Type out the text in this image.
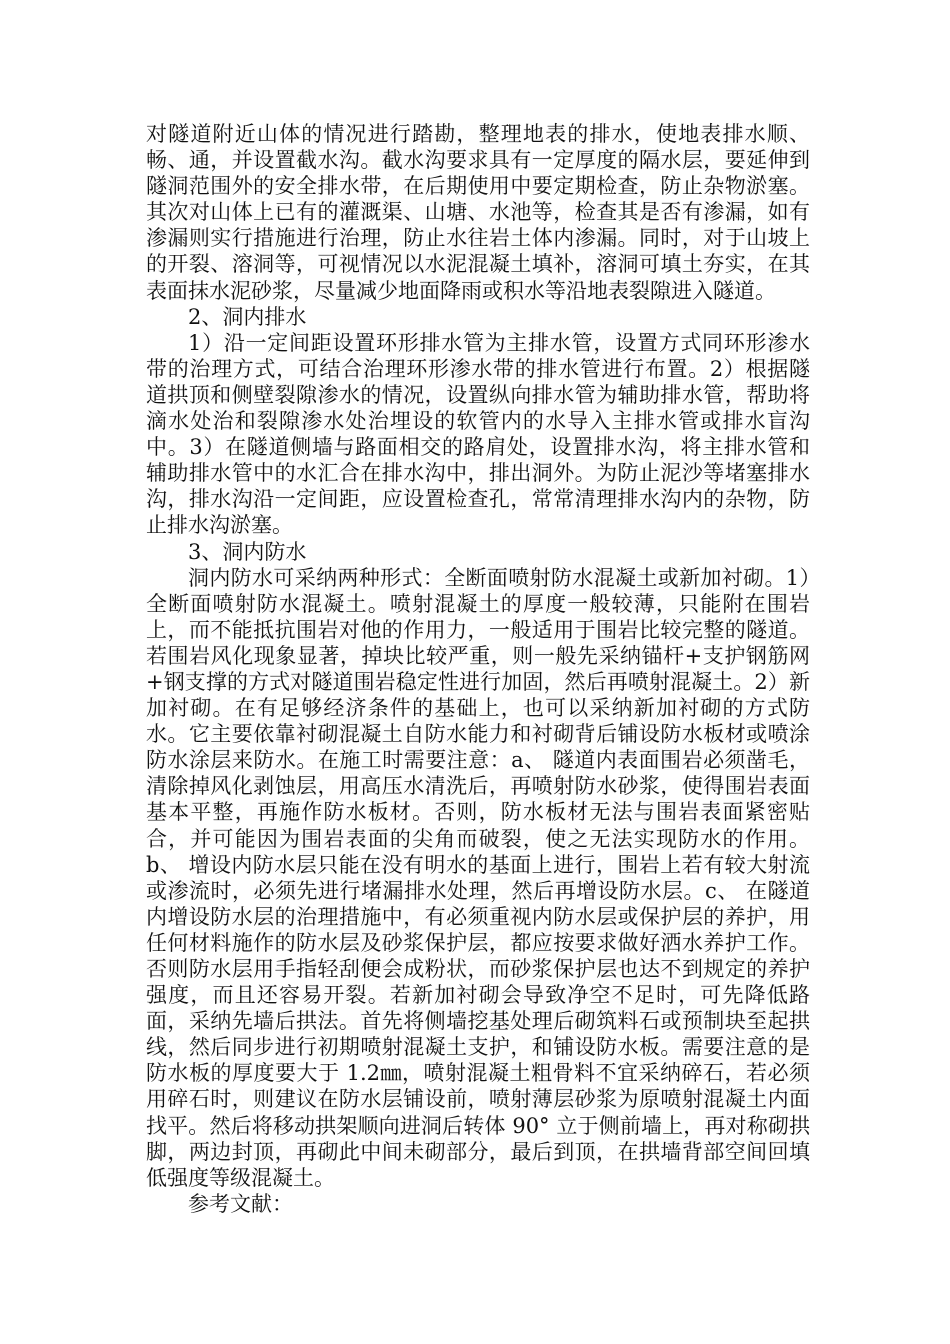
对隧道附近山体的情况进行踏勘，整理地表的排水，使地表排水顺、畅、通，并设置截水沟。截水沟要求具有一定厚度的隔水层，要延伸到隧洞范围外的安全排水带，在后期使用中要定期检查，防止杂物淤塞。其次对山体上已有的灌溉渠、山塘、水池等，检查其是否有渗漏，如有渗漏则实行措施进行治理，防止水往岩土体内渗漏。同时，对于山坡上的开裂、溶洞等，可视情况以水泥混凝土填补，溶洞可填土夯实，在其表面抹水泥砂浆，尽量减少地面降雨或积水等沿地表裂隙进入隧道。

2、洞内排水

1）沿一定间距设置环形排水管为主排水管，设置方式同环形渗水带的治理方式，可结合治理环形渗水带的排水管进行布置。2）根据隧道拱顶和侧壁裂隙渗水的情况，设置纵向排水管为辅助排水管，帮助将滴水处治和裂隙渗水处治埋设的软管内的水导入主排水管或排水盲沟中。3）在隧道侧墙与路面相交的路肩处，设置排水沟，将主排水管和辅助排水管中的水汇合在排水沟中，排出洞外。为防止泥沙等堵塞排水沟，排水沟沿一定间距，应设置检查孔，常常清理排水沟内的杂物，防止排水沟淤塞。

3、洞内防水

洞内防水可采纳两种形式：全断面喷射防水混凝土或新加衬砌。1）全断面喷射防水混凝土。喷射混凝土的厚度一般较薄，只能附在围岩上，而不能抵抗围岩对他的作用力，一般适用于围岩比较完整的隧道。若围岩风化现象显著，掉块比较严重，则一般先采纳锚杆+支护钢筋网+钢支撑的方式对隧道围岩稳定性进行加固，然后再喷射混凝土。2）新加衬砌。在有足够经济条件的基础上，也可以采纳新加衬砌的方式防水。它主要依靠衬砌混凝土自防水能力和衬砌背后铺设防水板材或喷涂防水涂层来防水。在施工时需要注意：a、 隧道内表面围岩必须凿毛，清除掉风化剥蚀层，用高压水清洗后，再喷射防水砂浆，使得围岩表面基本平整，再施作防水板材。否则，防水板材无法与围岩表面紧密贴合，并可能因为围岩表面的尖角而破裂，使之无法实现防水的作用。b、 增设内防水层只能在没有明水的基面上进行，围岩上若有较大射流或渗流时，必须先进行堵漏排水处理，然后再增设防水层。c、 在隧道内增设防水层的治理措施中，有必须重视内防水层或保护层的养护，用任何材料施作的防水层及砂浆保护层，都应按要求做好洒水养护工作。否则防水层用手指轻刮便会成粉状，而砂浆保护层也达不到规定的养护强度，而且还容易开裂。若新加衬砌会导致净空不足时，可先降低路面，采纳先墙后拱法。首先将侧墙挖基处理后砌筑料石或预制块至起拱线，然后同步进行初期喷射混凝土支护，和铺设防水板。需要注意的是防水板的厚度要大于 1.2㎜，喷射混凝土粗骨料不宜采纳碎石，若必须用碎石时，则建议在防水层铺设前，喷射薄层砂浆为原喷射混凝土内面找平。然后将移动拱架顺向进洞后转体 90° 立于侧前墙上，再对称砌拱脚，两边封顶，再砌此中间未砌部分，最后到顶，在拱墙背部空间回填低强度等级混凝土。

参考文献：
